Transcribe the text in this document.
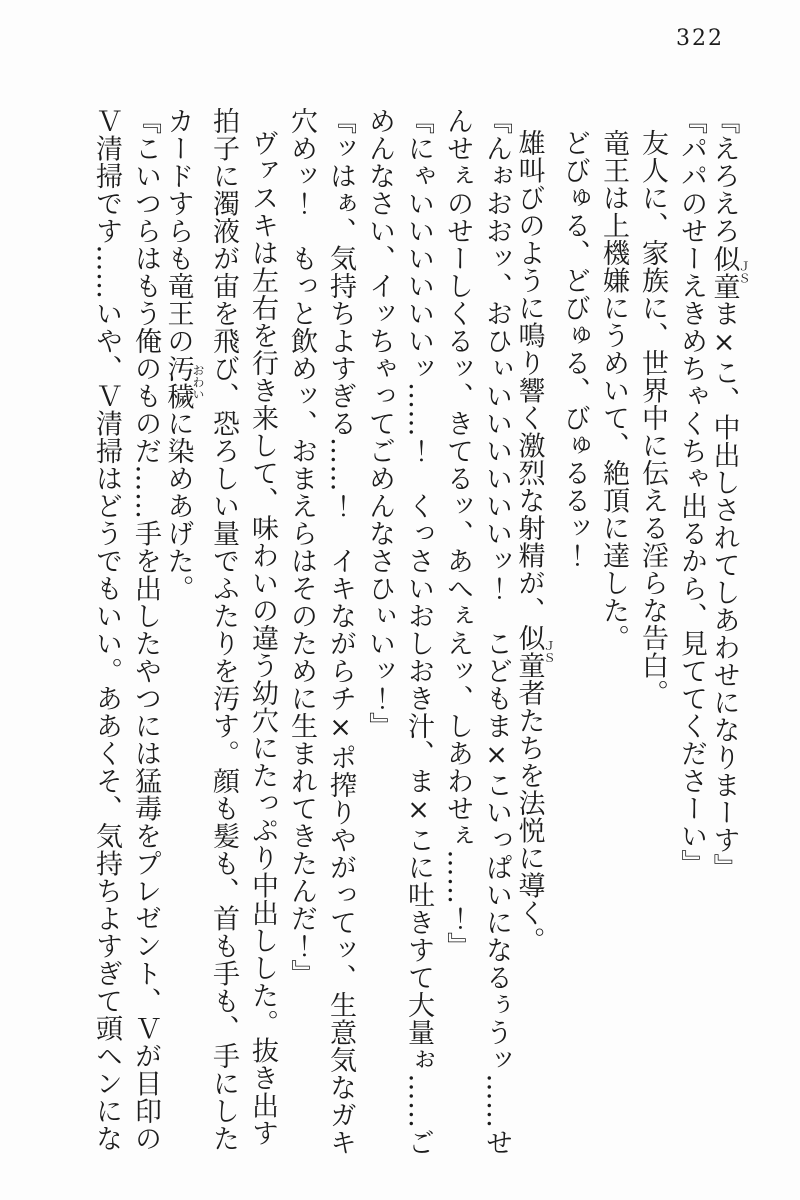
322
『えろえろ似童ＪＳま×こ、中出しされてしあわせになりまーす』
『パパのせーえきめちゃくちゃ出るから、見ててくださーい』
友人に、家族に、世界中に伝える淫らな告白。
竜王は上機嫌にうめいて、絶頂に達した。
どびゅる、どびゅる、びゅるるッ！
雄叫びのように鳴り響く激烈な射精が、似童ＪＳ者たちを法悦に導く。
『んぉおおッ、おひぃいいいいいいッ！　こどもま×こいっぱいになるぅうッ……せ
んせぇのせーしくるッ、きてるッ、あへぇえッ、しあわせぇ……！』
『にゃいいいいいいッ……！　くっさいおしおき汁、ま×こに吐きすて大量ぉ……ご
めんなさい、イッちゃってごめんなさひぃいッ！』
『ッはぁ、気持ちよすぎる……！　イキながらチ×ポ搾りやがってッ、生意気なガキ
穴めッ！　もっと飲めッ、おまえらはそのために生まれてきたんだ！』
ヴァスキは左右を行き来して、味わいの違う幼穴にたっぷり中出しした。抜き出す
拍子に濁液が宙を飛び、恐ろしい量でふたりを汚す。顔も髪も、首も手も、手にした
カードすらも竜王の汚穢おわいに染めあげた。
『こいつらはもう俺のものだ……手を出したやつには猛毒をプレゼント、Ｖが目印の
Ｖ清掃です……いや、Ｖ清掃はどうでもいい。ああくそ、気持ちよすぎて頭ヘンにな
